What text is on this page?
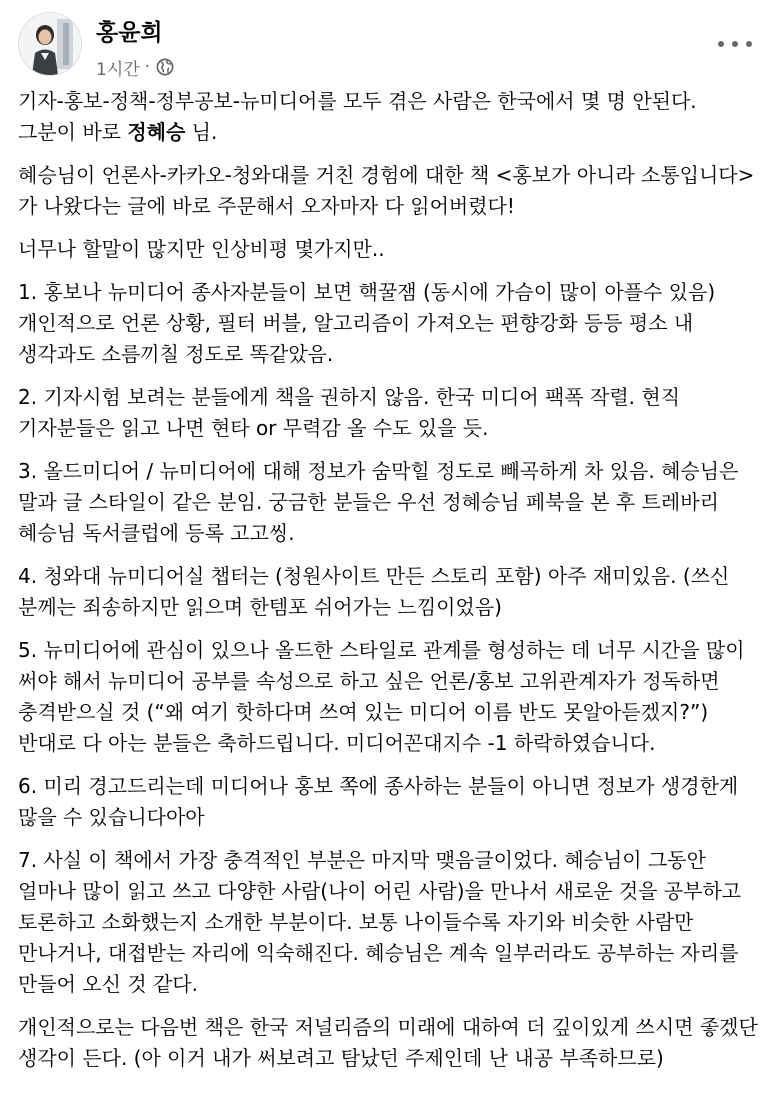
홍윤희
1시간 ·

기자-홍보-정책-정부공보-뉴미디어를 모두 겪은 사람은 한국에서 몇 명 안된다.
그분이 바로 정혜승 님.

혜승님이 언론사-카카오-청와대를 거친 경험에 대한 책 <홍보가 아니라 소통입니다> 가 나왔다는 글에 바로 주문해서 오자마자 다 읽어버렸다!

너무나 할말이 많지만 인상비평 몇가지만..

1. 홍보나 뉴미디어 종사자분들이 보면 핵꿀잼 (동시에 가슴이 많이 아플수 있음) 개인적으로 언론 상황, 필터 버블, 알고리즘이 가져오는 편향강화 등등 평소 내 생각과도 소름끼칠 정도로 똑같았음.

2. 기자시험 보려는 분들에게 책을 권하지 않음. 한국 미디어 팩폭 작렬. 현직 기자분들은 읽고 나면 현타 or 무력감 올 수도 있을 듯.

3. 올드미디어 / 뉴미디어에 대해 정보가 숨막힐 정도로 빼곡하게 차 있음. 혜승님은 말과 글 스타일이 같은 분임. 궁금한 분들은 우선 정혜승님 페북을 본 후 트레바리 혜승님 독서클럽에 등록 고고씽.

4. 청와대 뉴미디어실 챕터는 (청원사이트 만든 스토리 포함) 아주 재미있음. (쓰신 분께는 죄송하지만 읽으며 한템포 쉬어가는 느낌이었음)

5. 뉴미디어에 관심이 있으나 올드한 스타일로 관계를 형성하는 데 너무 시간을 많이 써야 해서 뉴미디어 공부를 속성으로 하고 싶은 언론/홍보 고위관계자가 정독하면 충격받으실 것 (“왜 여기 핫하다며 쓰여 있는 미디어 이름 반도 못알아듣겠지?”) 반대로 다 아는 분들은 축하드립니다. 미디어꼰대지수 -1 하락하였습니다.

6. 미리 경고드리는데 미디어나 홍보 쪽에 종사하는 분들이 아니면 정보가 생경한게 많을 수 있습니다아아

7. 사실 이 책에서 가장 충격적인 부분은 마지막 맺음글이었다. 혜승님이 그동안 얼마나 많이 읽고 쓰고 다양한 사람(나이 어린 사람)을 만나서 새로운 것을 공부하고 토론하고 소화했는지 소개한 부분이다. 보통 나이들수록 자기와 비슷한 사람만 만나거나, 대접받는 자리에 익숙해진다. 혜승님은 계속 일부러라도 공부하는 자리를 만들어 오신 것 같다.

개인적으로는 다음번 책은 한국 저널리즘의 미래에 대하여 더 깊이있게 쓰시면 좋겠단 생각이 든다. (아 이거 내가 써보려고 탐났던 주제인데 난 내공 부족하므로)
